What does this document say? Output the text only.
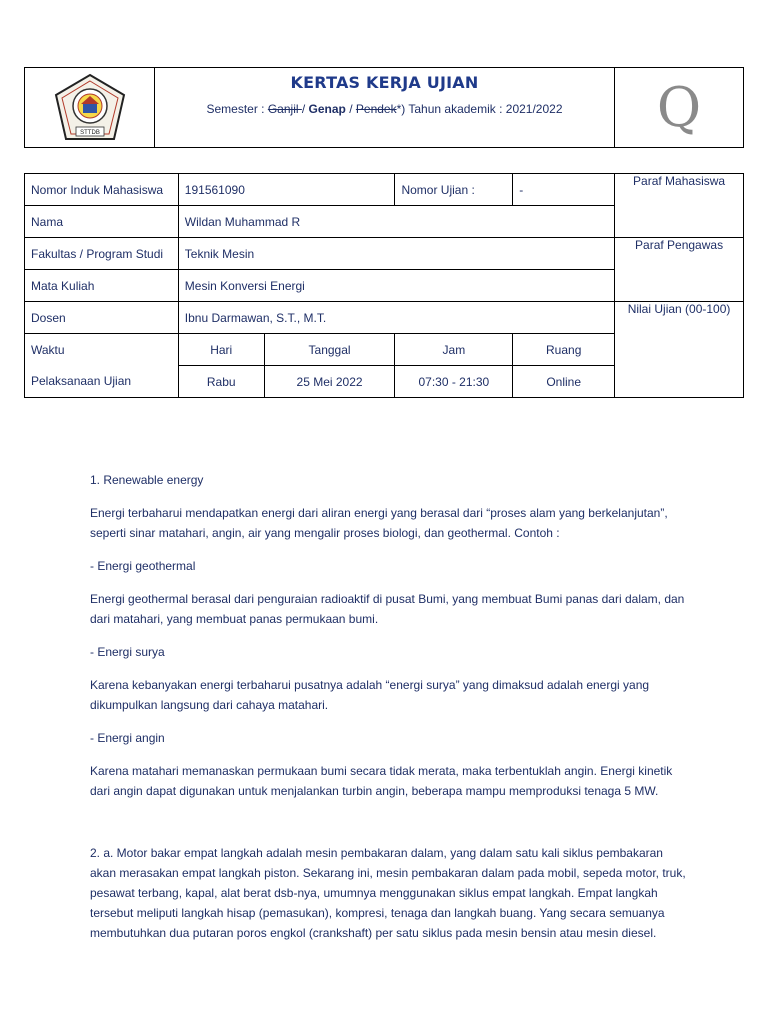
STTDB
KERTAS KERJA UJIAN
Semester : Ganjil / Genap / Pendek*) Tahun akademik : 2021/2022	Q
Nomor Induk Mahasiswa	191561090		Nomor Ujian :	-	Paraf Mahasiswa
Nama	Wildan Muhammad R				
Fakultas / Program Studi	Teknik Mesin				Paraf Pengawas
Mata Kuliah	Mesin Konversi Energi				
Dosen	Ibnu Darmawan, S.T., M.T.				Nilai Ujian (00-100)
Waktu	Hari	Tanggal	Jam	Ruang	
Pelaksanaan Ujian	Rabu	25 Mei 2022	07:30 - 21:30	Online	

1. Renewable energy

Energi terbaharui mendapatkan energi dari aliran energi yang berasal dari “proses alam yang berkelanjutan”, seperti sinar matahari, angin, air yang mengalir proses biologi, dan geothermal. Contoh :

- Energi geothermal

Energi geothermal berasal dari penguraian radioaktif di pusat Bumi, yang membuat Bumi panas dari dalam, dan dari matahari, yang membuat panas permukaan bumi.

- Energi surya

Karena kebanyakan energi terbaharui pusatnya adalah “energi surya” yang dimaksud adalah energi yang dikumpulkan langsung dari cahaya matahari.

- Energi angin

Karena matahari memanaskan permukaan bumi secara tidak merata, maka terbentuklah angin. Energi kinetik dari angin dapat digunakan untuk menjalankan turbin angin, beberapa mampu memproduksi tenaga 5 MW.

2. a. Motor bakar empat langkah adalah mesin pembakaran dalam, yang dalam satu kali siklus pembakaran akan merasakan empat langkah piston. Sekarang ini, mesin pembakaran dalam pada mobil, sepeda motor, truk, pesawat terbang, kapal, alat berat dsb-nya, umumnya menggunakan siklus empat langkah. Empat langkah tersebut meliputi langkah hisap (pemasukan), kompresi, tenaga dan langkah buang. Yang secara semuanya membutuhkan dua putaran poros engkol (crankshaft) per satu siklus pada mesin bensin atau mesin diesel.
